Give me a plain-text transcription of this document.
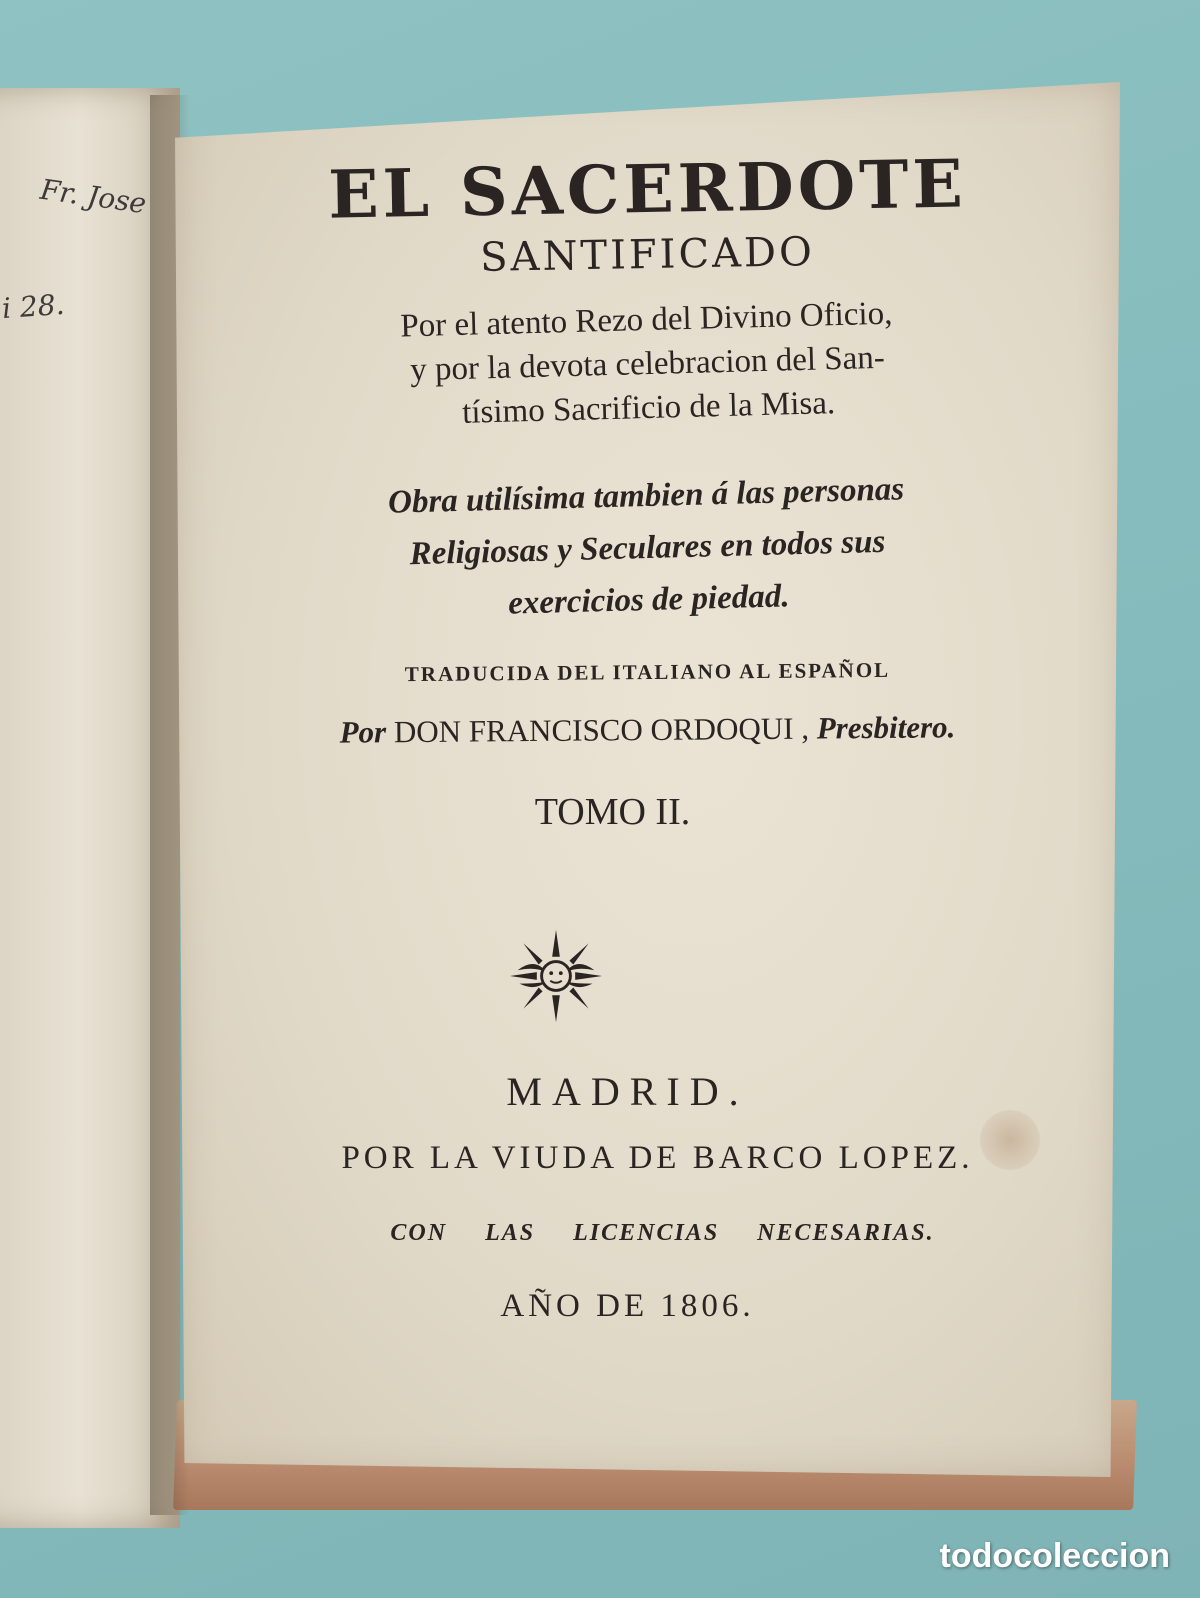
Fr. Jose
i 28.
EL SACERDOTE
SANTIFICADO
Por el atento Rezo del Divino Oficio,
y por la devota celebracion del San-
tísimo Sacrificio de la Misa.
Obra utilísima tambien á las personas
Religiosas y Seculares en todos sus
exercicios de piedad.
TRADUCIDA DEL ITALIANO AL ESPAÑOL
Por DON FRANCISCO ORDOQUI , Presbitero.
TOMO II.
MADRID.
POR LA VIUDA DE BARCO LOPEZ.
CON LAS LICENCIAS NECESARIAS.
AÑO DE 1806.
todocoleccion
